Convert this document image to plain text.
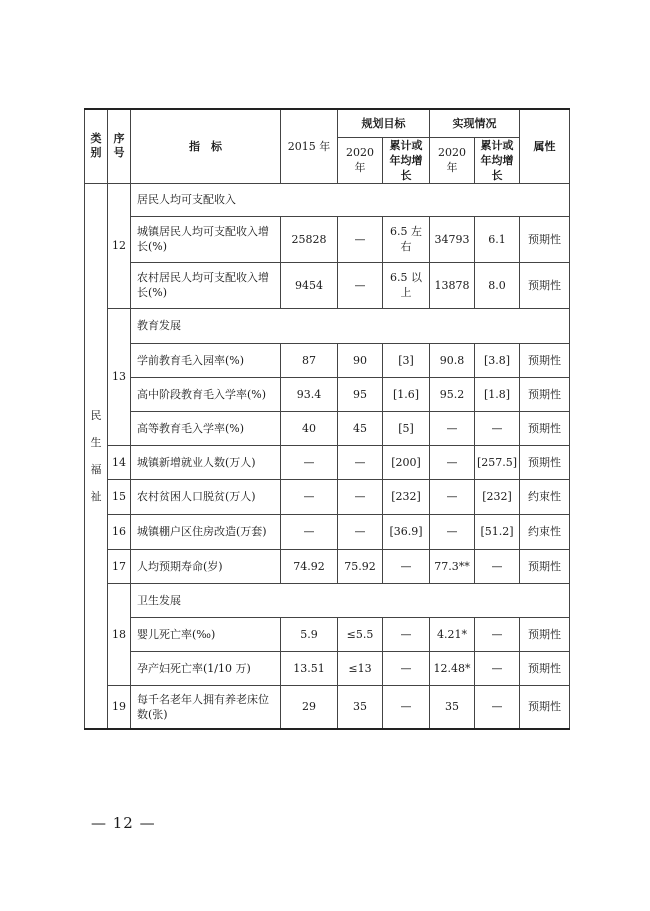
类别	序号	指　标	2015 年	规划目标		实现情况		属性
				2020 年	累计或年均增长	2020 年	累计或年均增长	
民生福祉	12	居民人均可支配收入						
		城镇居民人均可支配收入增长(%)	25828	—	6.5 左右	34793	6.1	预期性
		农村居民人均可支配收入增长(%)	9454	—	6.5 以上	13878	8.0	预期性
	13	教育发展						
		学前教育毛入园率(%)	87	90	[3]	90.8	[3.8]	预期性
		高中阶段教育毛入学率(%)	93.4	95	[1.6]	95.2	[1.8]	预期性
		高等教育毛入学率(%)	40	45	[5]	—	—	预期性
	14	城镇新增就业人数(万人)	—	—	[200]	—	[257.5]	预期性
	15	农村贫困人口脱贫(万人)	—	—	[232]	—	[232]	约束性
	16	城镇棚户区住房改造(万套)	—	—	[36.9]	—	[51.2]	约束性
	17	人均预期寿命(岁)	74.92	75.92	—	77.3**	—	预期性
	18	卫生发展						
		婴儿死亡率(‰)	5.9	≤5.5	—	4.21*	—	预期性
		孕产妇死亡率(1/10 万)	13.51	≤13	—	12.48*	—	预期性
	19	每千名老年人拥有养老床位数(张)	29	35	—	35	—	预期性
— 12 —
